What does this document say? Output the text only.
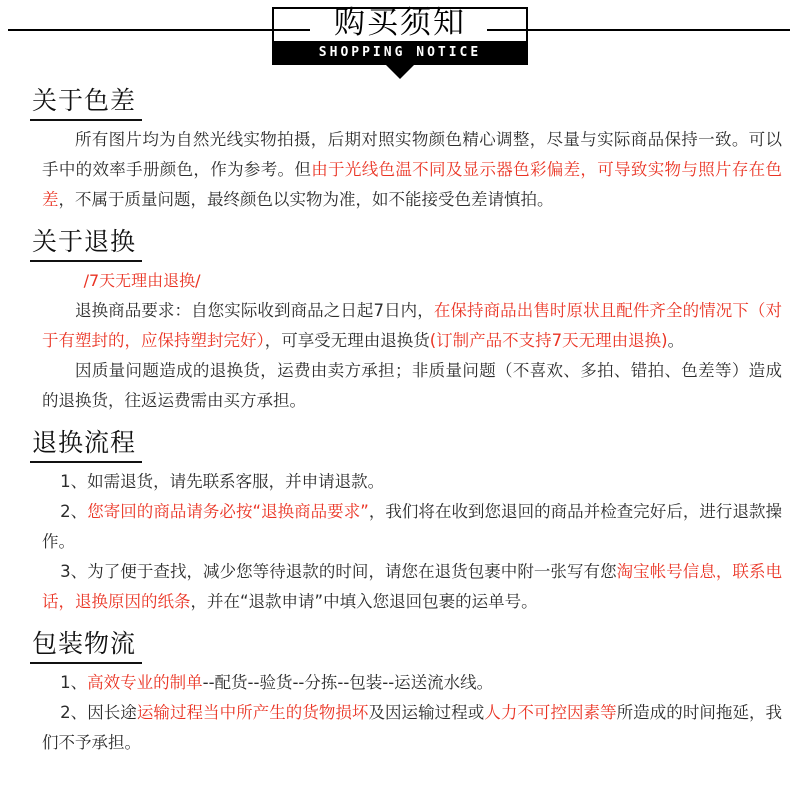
购买须知
SHOPPING NOTICE
关于色差

所有图片均为自然光线实物拍摄，后期对照实物颜色精心调整，尽量与实际商品保持一致。可以手中的效率手册颜色，作为参考。但由于光线色温不同及显示器色彩偏差，可导致实物与照片存在色差，不属于质量问题，最终颜色以实物为准，如不能接受色差请慎拍。

关于退换

/7天无理由退换/

退换商品要求：自您实际收到商品之日起7日内，在保持商品出售时原状且配件齐全的情况下（对于有塑封的，应保持塑封完好），可享受无理由退换货(订制产品不支持7天无理由退换)。

因质量问题造成的退换货，运费由卖方承担；非质量问题（不喜欢、多拍、错拍、色差等）造成的退换货，往返运费需由买方承担。

退换流程

1、如需退货，请先联系客服，并申请退款。

2、您寄回的商品请务必按“退换商品要求”，我们将在收到您退回的商品并检查完好后，进行退款操作。

3、为了便于查找，减少您等待退款的时间，请您在退货包裹中附一张写有您淘宝帐号信息，联系电话，退换原因的纸条，并在“退款申请”中填入您退回包裹的运单号。

包装物流

1、高效专业的制单--配货--验货--分拣--包装--运送流水线。

2、因长途运输过程当中所产生的货物损坏及因运输过程或人力不可控因素等所造成的时间拖延，我们不予承担。
